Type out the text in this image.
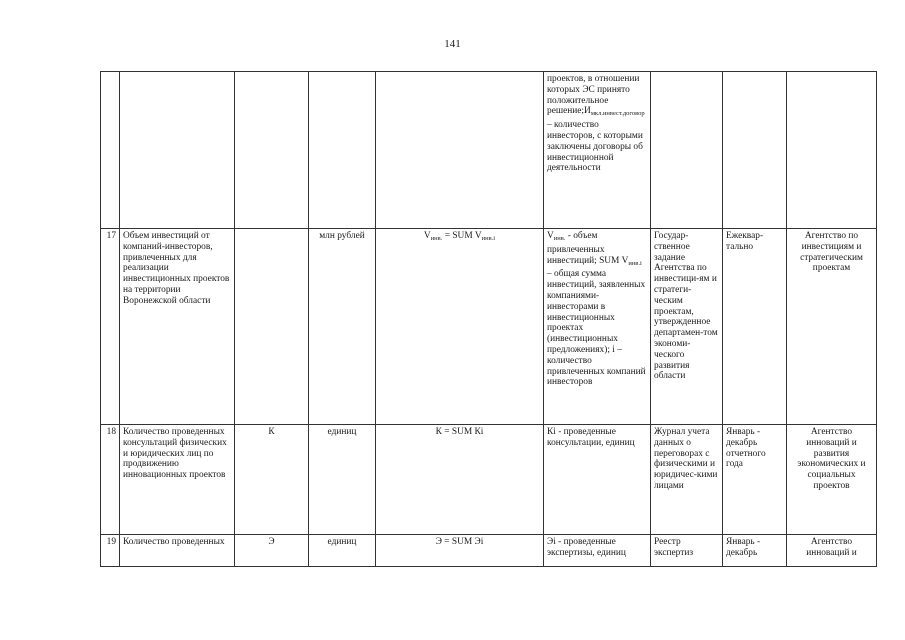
141
					проектов, в отношении которых ЭС принято положительное $решение;И_{мкл.инвест.договор}$ – количество инвесторов, с которыми заключены договоры об инвестиционной деятельности			
17	Объем инвестиций от компаний-инвесторов, привлеченных для реализации инвестиционных проектов на территории Воронежской области		млн рублей	$V_{инв.}$ = SUM $V_{инв.i}$	$V_{инв.}$ - объем привлеченных инвестиций; SUM $V_{инв.i}$ – общая сумма инвестиций, заявленных компаниями-инвесторами в инвестиционных проектах (инвестиционных предложениях); i – количество привлеченных компаний инвесторов	Государ-ственное задание Агентства по инвестици-ям и стратеги-ческим проектам, утвержденное департамен-том экономи-ческого развития области	Ежеквар-тально	Агентство по инвестициям и стратегическим проектам
18	Количество проведенных консультаций физических и юридических лиц по продвижению инновационных проектов	К	единиц	К = SUM Кi	Кi - проведенные консультации, единиц	Журнал учета данных о переговорах с физическими и юридичес-кими лицами	Январь - декабрь отчетного года	Агентство инноваций и развития экономических и социальных проектов
19	Количество проведенных	Э	единиц	Э = SUM Эi	Эi - проведенные экспертизы, единиц	Реестр экспертиз	Январь - декабрь	Агентство инноваций и
